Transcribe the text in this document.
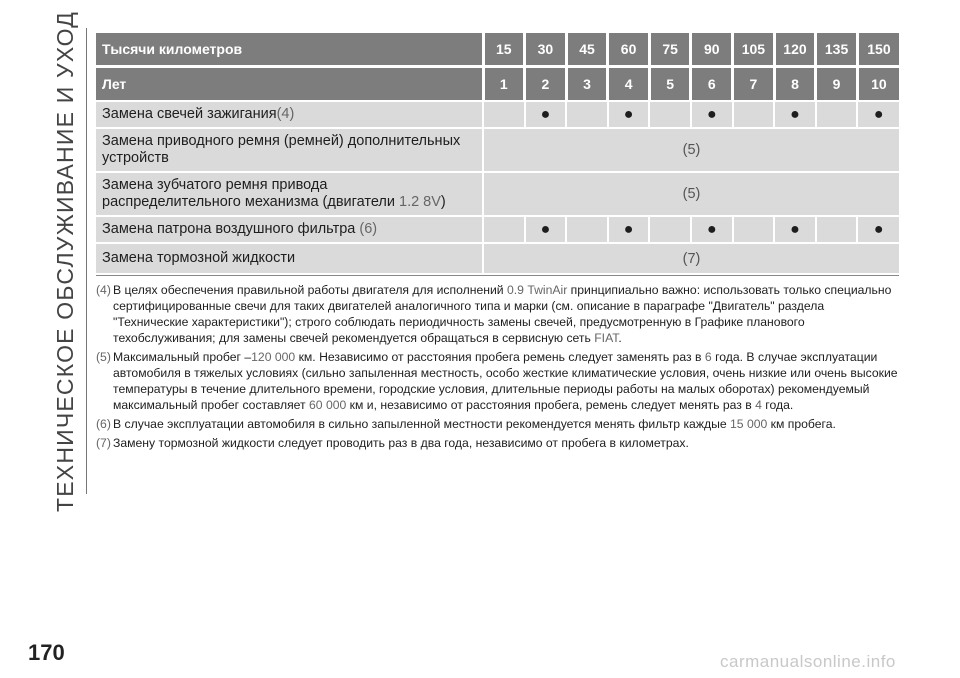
ТЕХНИЧЕСКОЕ ОБСЛУЖИВАНИЕ И УХОД Тысячи километров	15	30	45	60	75	90	105	120	135	150
Лет	1	2	3	4	5	6	7	8	9	10
Замена свечей зажигания(4)		●		●		●		●		●
Замена приводного ремня (ремней) дополнительных
устройств	(5)									
Замена зубчатого ремня привода
распределительного механизма (двигатели 1.2 8V)	(5)									
Замена патрона воздушного фильтра (6)		●		●		●		●		●
Замена тормозной жидкости	(7)									
(4) В целях обеспечения правильной работы двигателя для исполнений 0.9 TwinAir принципиально важно: использовать только специально сертифицированные свечи для таких двигателей аналогичного типа и марки (см. описание в параграфе "Двигатель" раздела "Технические характеристики"); строго соблюдать периодичность замены свечей, предусмотренную в Графике планового техобслуживания; для замены свечей рекомендуется обращаться в сервисную сеть FIAT.
(5) Максимальный пробег –120 000 км. Независимо от расстояния пробега ремень следует заменять раз в 6 года. В случае эксплуатации автомобиля в тяжелых условиях (сильно запыленная местность, особо жесткие климатические условия, очень низкие или очень высокие температуры в течение длительного времени, городские условия, длительные периоды работы на малых оборотах) рекомендуемый максимальный пробег составляет 60 000 км и, независимо от расстояния пробега, ремень следует менять раз в 4 года.
(6) В случае эксплуатации автомобиля в сильно запыленной местности рекомендуется менять фильтр каждые 15 000 км пробега.
(7) Замену тормозной жидкости следует проводить раз в два года, независимо от пробега в километрах.
170	carmanualsonline.info
